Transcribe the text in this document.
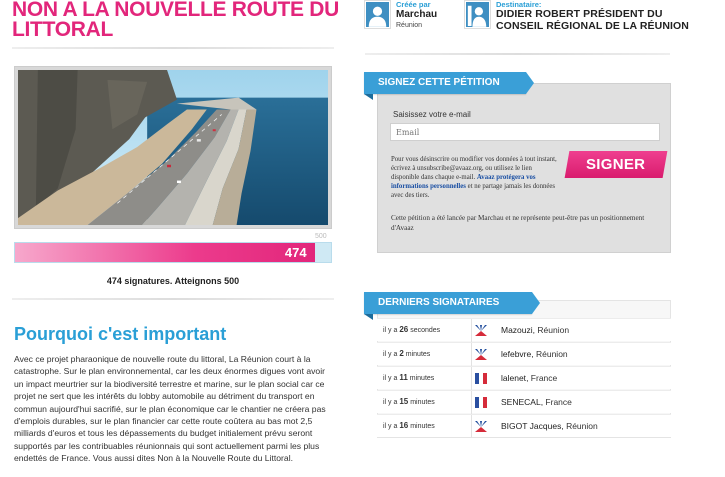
NON A LA NOUVELLE ROUTE DU LITTORAL
500
474
474 signatures. Atteignons 500
Pourquoi c'est important

Avec ce projet pharaonique de nouvelle route du littoral, La Réunion court à la catastrophe. Sur le plan environnemental, car les deux énormes digues vont avoir un impact meurtrier sur la biodiversité terrestre et marine, sur le plan social car ce projet ne sert que les intérêts du lobby automobile au détriment du transport en commun aujourd'hui sacrifié, sur le plan économique car le chantier ne créera pas d'emplois durables, sur le plan financier car cette route coûtera au bas mot 2,5 milliards d'euros et tous les dépassements du budget initialement prévu seront supportés par les contribuables réunionnais qui sont actuellement parmi les plus endettés de France. Vous aussi dites Non à la Nouvelle Route du Littoral.

Créée par
Marchau
Réunion
Destinataire:
DIDIER ROBERT PRÉSIDENT DU CONSEIL RÉGIONAL DE LA RÉUNION
SIGNEZ CETTE PÉTITION
Saisissez votre e-mail
Email

Pour vous désinscrire ou modifier vos données à tout instant, écrivez à unsubscribe@avaaz.org, ou utilisez le lien disponible dans chaque e-mail. Avaaz protégera vos informations personnelles et ne partage jamais les données avec des tiers.

SIGNER

Cette pétition a été lancée par Marchau et ne représente peut-être pas un positionnement d'Avaaz

DERNIERS SIGNATAIRES
il y a 26 secondes	Mazouzi, Réunion
il y a 2 minutes	lefebvre, Réunion
il y a 11 minutes	lalenet, France
il y a 15 minutes	SENECAL, France
il y a 16 minutes	BIGOT Jacques, Réunion
